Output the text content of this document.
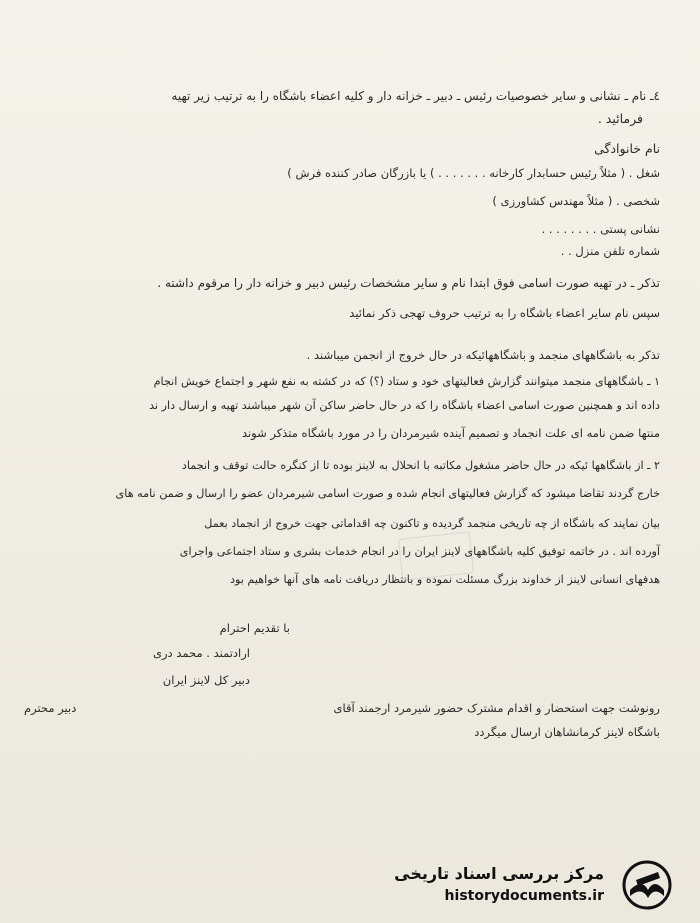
٤ـ نام ـ نشانی و سایر خصوصیات رئیس ـ دبیر ـ خزانه دار و کلیه اعضاء باشگاه را به ترتیب زیر تهیه
فرمائید .
نام خانوادگی
شغل . ( مثلاً رئیس حسابدار کارخانه . . . . . . . ) یا بازرگان صادر کننده فرش )
شخصی . ( مثلاً مهندس کشاورزی )
نشانی پستی . . . . . . . .
شماره تلفن منزل . .
تذکر ـ در تهیه صورت اسامی فوق ابتدا نام و سایر مشخصات رئیس دبیر و خزانه دار را مرقوم داشته .
سپس نام سایر اعضاء باشگاه را به ترتیب حروف تهجی ذکر نمائید
تذکر به باشگاههای منجمد و باشگاههائیکه در حال خروج از انجمن میباشند .
۱ ـ باشگاههای منجمد میتوانند گزارش فعالیتهای خود و ستاد (؟) که در کشته به نفع شهر و اجتماع خویش انجام
داده اند و همچنین صورت اسامی اعضاء باشگاه را که در حال حاضر ساکن آن شهر میباشند تهیه و ارسال دار ند
منتها ضمن نامه ای علت انجماد و تصمیم آینده شیرمردان را در مورد باشگاه متذکر شوند
۲ ـ از باشگاهها ئیکه در حال حاضر مشغول مکاتبه با انحلال به لاینز بوده تا از کنگره حالت توقف و انجماد
خارج گردند تقاضا میشود که گزارش فعالیتهای انجام شده و صورت اسامی شیرمردان عضو را ارسال و ضمن نامه های
بیان نمایند که باشگاه از چه تاریخی منجمد گردیده و تاکنون چه اقداماتی جهت خروج از انجماد بعمل
آورده اند . در خاتمه توفیق کلیه باشگاههای لاینز ایران را در انجام خدمات بشری و ستاد اجتماعی واجرای
هدفهای انسانی لاینز از خداوند بزرگ مسئلت نموده و بانتظار دریافت نامه های آنها خواهیم بود
با تقدیم احترام
ارادتمند . محمد دری
دبیر کل لاینز ایران
رونوشت جهت استحضار و اقدام مشترک حضور شیرمرد ارجمند آقای
دبیر محترم
باشگاه لاینز کرمانشاهان ارسال میگردد
مرکز بررسی اسناد تاریخی
historydocuments.ir
